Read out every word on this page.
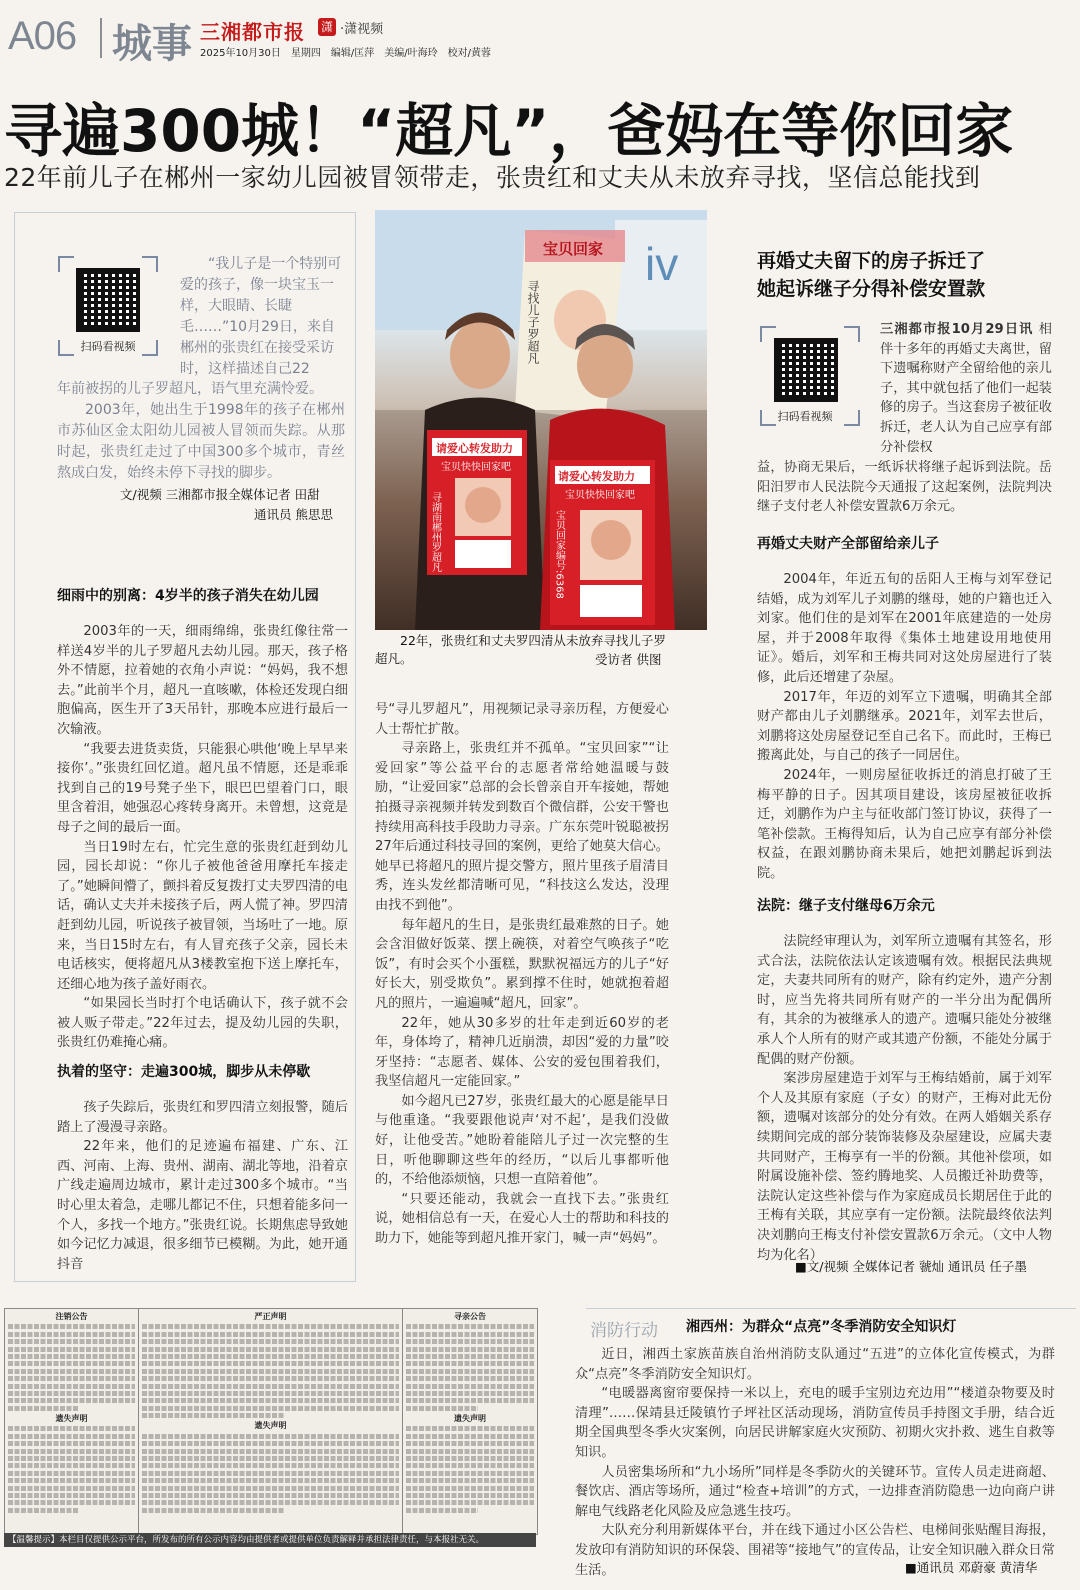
A06 城事 三湘都市报 潇 ·潇视频
2025年10月30日 星期四 编辑/匡萍 美编/叶海玲 校对/黄蓉
寻遍300城！“超凡”，爸妈在等你回家
22年前儿子在郴州一家幼儿园被冒领带走，张贵红和丈夫从未放弃寻找，坚信总能找到
扫码看视频
“我儿子是一个特别可爱的孩子，像一块宝玉一样，大眼睛、长睫毛……”10月29日，来自郴州的张贵红在接受采访时，这样描述自己22
年前被拐的儿子罗超凡，语气里充满怜爱。
2003年，她出生于1998年的孩子在郴州市苏仙区金太阳幼儿园被人冒领而失踪。从那时起，张贵红走过了中国300多个城市，青丝熬成白发，始终未停下寻找的脚步。
文/视频 三湘都市报全媒体记者 田甜
通讯员 熊思思
细雨中的别离：4岁半的孩子消失在幼儿园

2003年的一天，细雨绵绵，张贵红像往常一样送4岁半的儿子罗超凡去幼儿园。那天，孩子格外不情愿，拉着她的衣角小声说：“妈妈，我不想去。”此前半个月，超凡一直咳嗽，体检还发现白细胞偏高，医生开了3天吊针，那晚本应进行最后一次输液。

“我要去进货卖货，只能狠心哄他‘晚上早早来接你’。”张贵红回忆道。超凡虽不情愿，还是乖乖找到自己的19号凳子坐下，眼巴巴望着门口，眼里含着泪，她强忍心疼转身离开。未曾想，这竟是母子之间的最后一面。

当日19时左右，忙完生意的张贵红赶到幼儿园，园长却说：“你儿子被他爸爸用摩托车接走了。”她瞬间懵了，颤抖着反复拨打丈夫罗四清的电话，确认丈夫并未接孩子后，两人慌了神。罗四清赶到幼儿园，听说孩子被冒领，当场吐了一地。原来，当日15时左右，有人冒充孩子父亲，园长未电话核实，便将超凡从3楼教室抱下送上摩托车，还细心地为孩子盖好雨衣。

“如果园长当时打个电话确认下，孩子就不会被人贩子带走。”22年过去，提及幼儿园的失职，张贵红仍难掩心痛。

执着的坚守：走遍300城，脚步从未停歇

孩子失踪后，张贵红和罗四清立刻报警，随后踏上了漫漫寻亲路。

22年来，他们的足迹遍布福建、广东、江西、河南、上海、贵州、湖南、湖北等地，沿着京广线走遍周边城市，累计走过300多个城市。“当时心里太着急，走哪儿都记不住，只想着能多问一个人，多找一个地方。”张贵红说。长期焦虑导致她如今记忆力减退，很多细节已模糊。为此，她开通抖音

iv
宝贝回家
寻找儿子罗超凡
请爱心转发助力
宝贝快快回家吧
寻湖南郴州罗超凡
请爱心转发助力
宝贝快快回家吧
宝贝回家编号:6368
22年，张贵红和丈夫罗四清从未放弃寻找儿子罗超凡。	受访者 供图

号“寻儿罗超凡”，用视频记录寻亲历程，方便爱心人士帮忙扩散。

寻亲路上，张贵红并不孤单。“宝贝回家”“让爱回家”等公益平台的志愿者常给她温暖与鼓励，“让爱回家”总部的会长曾亲自开车接她，帮她拍摄寻亲视频并转发到数百个微信群，公安干警也持续用高科技手段助力寻亲。广东东莞叶锐聪被拐27年后通过科技寻回的案例，更给了她莫大信心。她早已将超凡的照片提交警方，照片里孩子眉清目秀，连头发丝都清晰可见，“科技这么发达，没理由找不到他”。

每年超凡的生日，是张贵红最难熬的日子。她会含泪做好饭菜、摆上碗筷，对着空气唤孩子“吃饭”，有时会买个小蛋糕，默默祝福远方的儿子“好好长大，别受欺负”。累到撑不住时，她就抱着超凡的照片，一遍遍喊“超凡，回家”。

22年，她从30多岁的壮年走到近60岁的老年，身体垮了，精神几近崩溃，却因“爱的力量”咬牙坚持：“志愿者、媒体、公安的爱包围着我们，我坚信超凡一定能回家。”

如今超凡已27岁，张贵红最大的心愿是能早日与他重逢。“我要跟他说声‘对不起’，是我们没做好，让他受苦。”她盼着能陪儿子过一次完整的生日，听他聊聊这些年的经历，“以后儿事都听他的，不给他添烦恼，只想一直陪着他”。

“只要还能动，我就会一直找下去。”张贵红说，她相信总有一天，在爱心人士的帮助和科技的助力下，她能等到超凡推开家门，喊一声“妈妈”。

再婚丈夫留下的房子拆迁了
她起诉继子分得补偿安置款
扫码看视频
三湘都市报10月29日讯 相伴十多年的再婚丈夫离世，留下遗嘱称财产全留给他的亲儿子，其中就包括了他们一起装修的房子。当这套房子被征收拆迁，老人认为自己应享有部分补偿权
益，协商无果后，一纸诉状将继子起诉到法院。岳阳汨罗市人民法院今天通报了这起案例，法院判决继子支付老人补偿安置款6万余元。
再婚丈夫财产全部留给亲儿子

2004年，年近五旬的岳阳人王梅与刘军登记结婚，成为刘军儿子刘鹏的继母，她的户籍也迁入刘家。他们住的是刘军在2001年底建造的一处房屋，并于2008年取得《集体土地建设用地使用证》。婚后，刘军和王梅共同对这处房屋进行了装修，此后还增建了杂屋。

2017年，年迈的刘军立下遗嘱，明确其全部财产都由儿子刘鹏继承。2021年，刘军去世后，刘鹏将这处房屋登记至自己名下。而此时，王梅已搬离此处，与自己的孩子一同居住。

2024年，一则房屋征收拆迁的消息打破了王梅平静的日子。因其项目建设，该房屋被征收拆迁，刘鹏作为户主与征收部门签订协议，获得了一笔补偿款。王梅得知后，认为自己应享有部分补偿权益，在跟刘鹏协商未果后，她把刘鹏起诉到法院。

法院：继子支付继母6万余元

法院经审理认为，刘军所立遗嘱有其签名，形式合法，法院依法认定该遗嘱有效。根据民法典规定，夫妻共同所有的财产，除有约定外，遗产分割时，应当先将共同所有财产的一半分出为配偶所有，其余的为被继承人的遗产。遗嘱只能处分被继承人个人所有的财产或其遗产份额，不能处分属于配偶的财产份额。

案涉房屋建造于刘军与王梅结婚前，属于刘军个人及其原有家庭（子女）的财产，王梅对此无份额，遗嘱对该部分的处分有效。在两人婚姻关系存续期间完成的部分装饰装修及杂屋建设，应属夫妻共同财产，王梅享有一半的份额。其他补偿项，如附属设施补偿、签约腾地奖、人员搬迁补助费等，法院认定这些补偿与作为家庭成员长期居住于此的王梅有关联，其应享有一定份额。法院最终依法判决刘鹏向王梅支付补偿安置款6万余元。（文中人物均为化名）

■文/视频 全媒体记者 虢灿 通讯员 任子墨
注销公告
遗失声明
严正声明
遗失声明
寻亲公告
遗失声明
【温馨提示】本栏目仅提供公示平台，所发布的所有公示内容均由提供者或提供单位负责解释并承担法律责任，与本报社无关。
消防行动 湘西州：为群众“点亮”冬季消防安全知识灯

近日，湘西土家族苗族自治州消防支队通过“五进”的立体化宣传模式，为群众“点亮”冬季消防安全知识灯。

“电暖器离窗帘要保持一米以上，充电的暖手宝别边充边用”“楼道杂物要及时清理”……保靖县迁陵镇竹子坪社区活动现场，消防宣传员手持图文手册，结合近期全国典型冬季火灾案例，向居民讲解家庭火灾预防、初期火灾扑救、逃生自救等知识。

人员密集场所和“九小场所”同样是冬季防火的关键环节。宣传人员走进商超、餐饮店、酒店等场所，通过“检查+培训”的方式，一边排查消防隐患一边向商户讲解电气线路老化风险及应急逃生技巧。

大队充分利用新媒体平台，并在线下通过小区公告栏、电梯间张贴醒目海报，发放印有消防知识的环保袋、围裙等“接地气”的宣传品，让安全知识融入群众日常生活。	■通讯员 邓蔚豪 黄清华
